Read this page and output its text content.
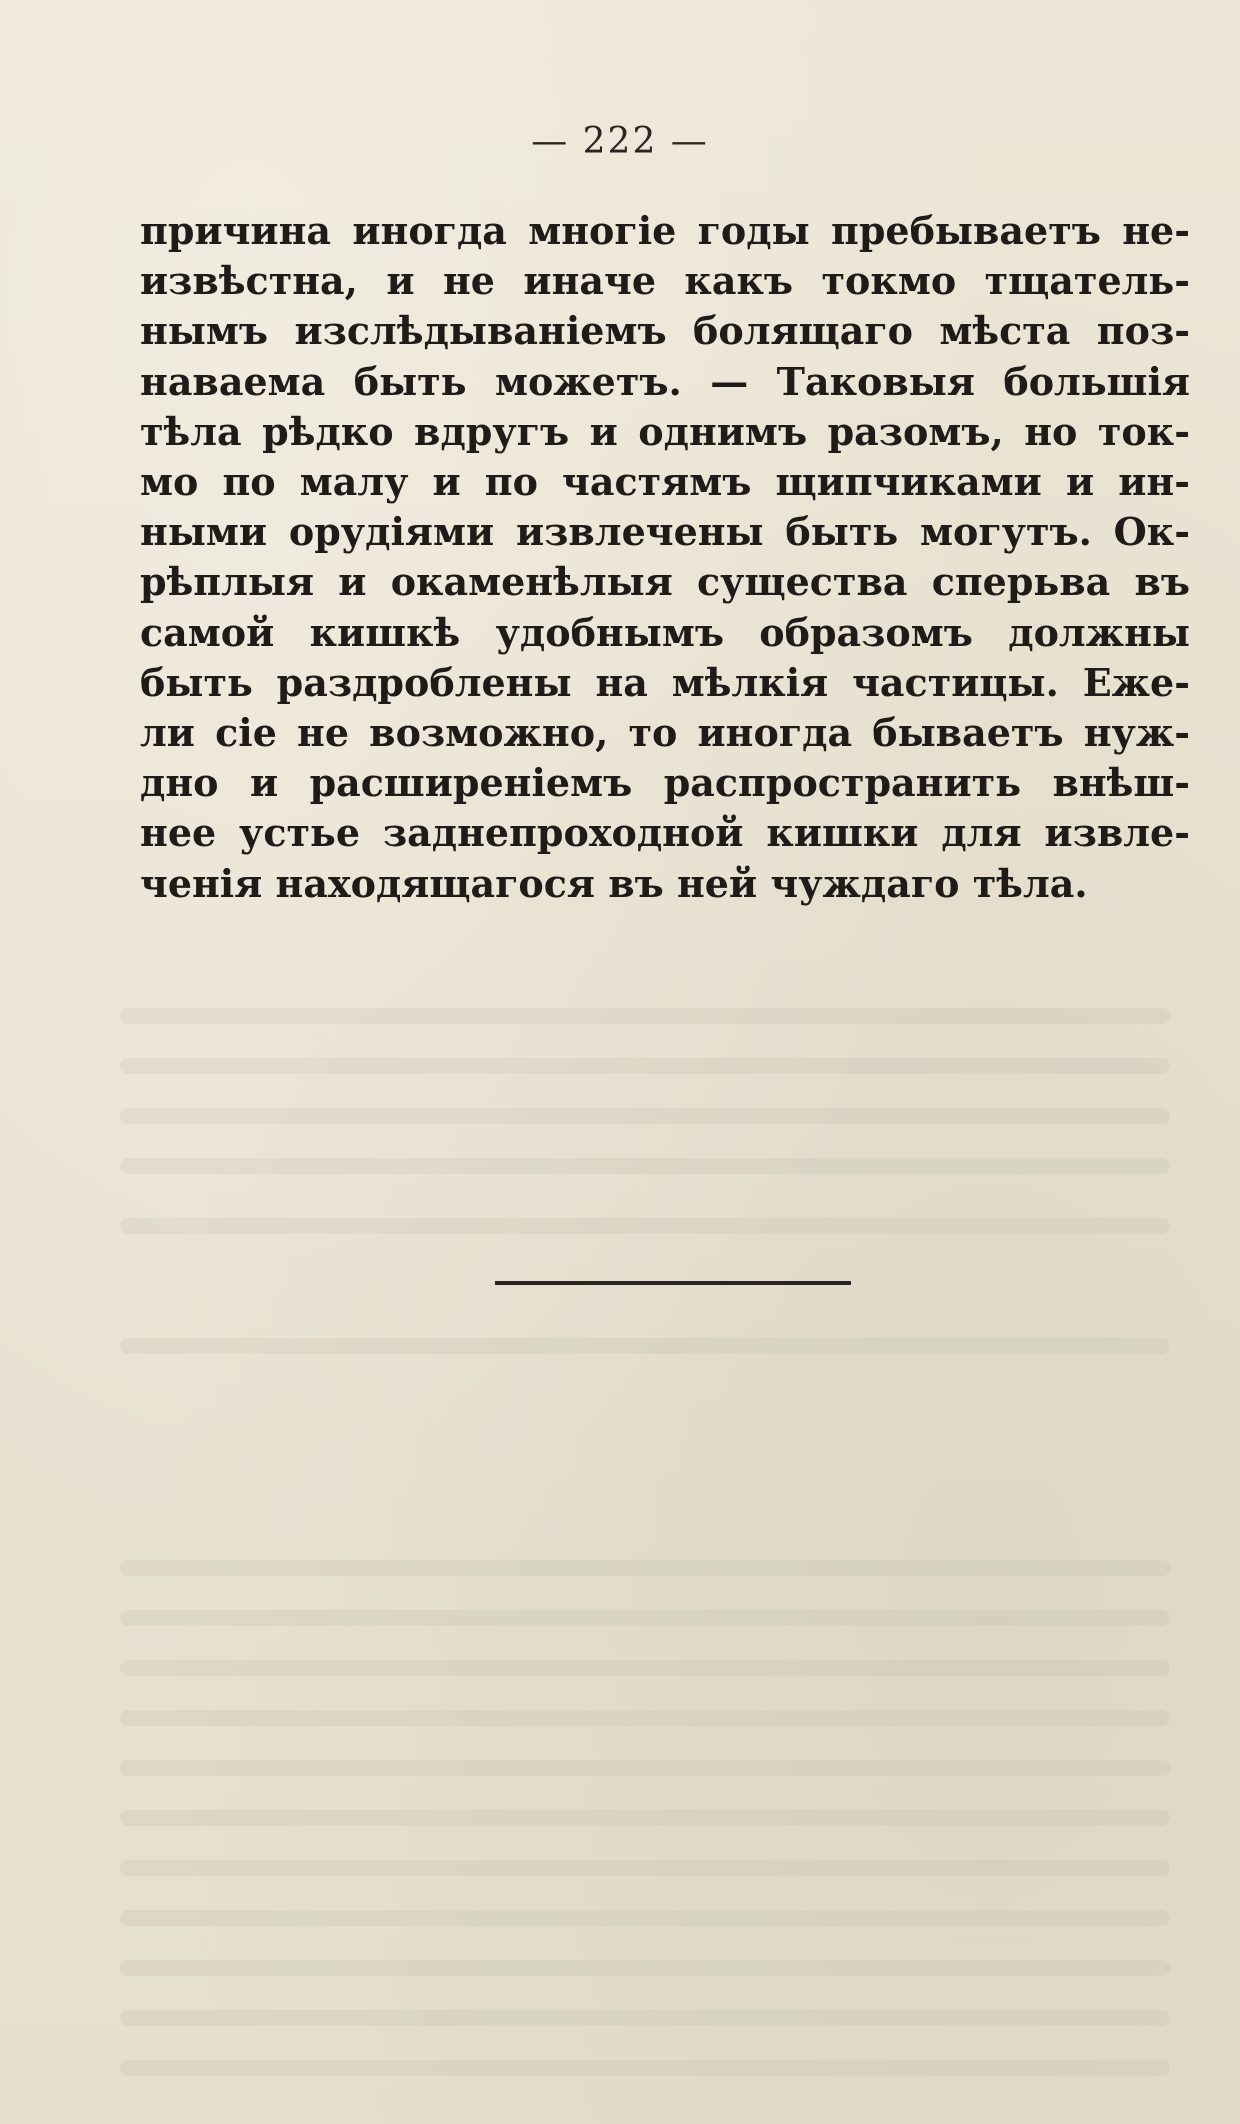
— 222 —
причина иногда многіе годы пребываетъ не-
извѣстна, и не иначе какъ токмо тщатель-
нымъ изслѣдываніемъ болящаго мѣста поз-
наваема быть можетъ. — Таковыя большія
тѣла рѣдко вдругъ и однимъ разомъ, но ток-
мо по малу и по частямъ щипчиками и ин-
ными орудіями извлечены быть могутъ. Ок-
рѣплыя и окаменѣлыя существа сперьва въ
самой кишкѣ удобнымъ образомъ должны
быть раздроблены на мѣлкія частицы. Еже-
ли сіе не возможно, то иногда бываетъ нуж-
дно и расширеніемъ распространить внѣш-
нее устье заднепроходной кишки для извле-
ченія находящагося въ ней чуждаго тѣла.
